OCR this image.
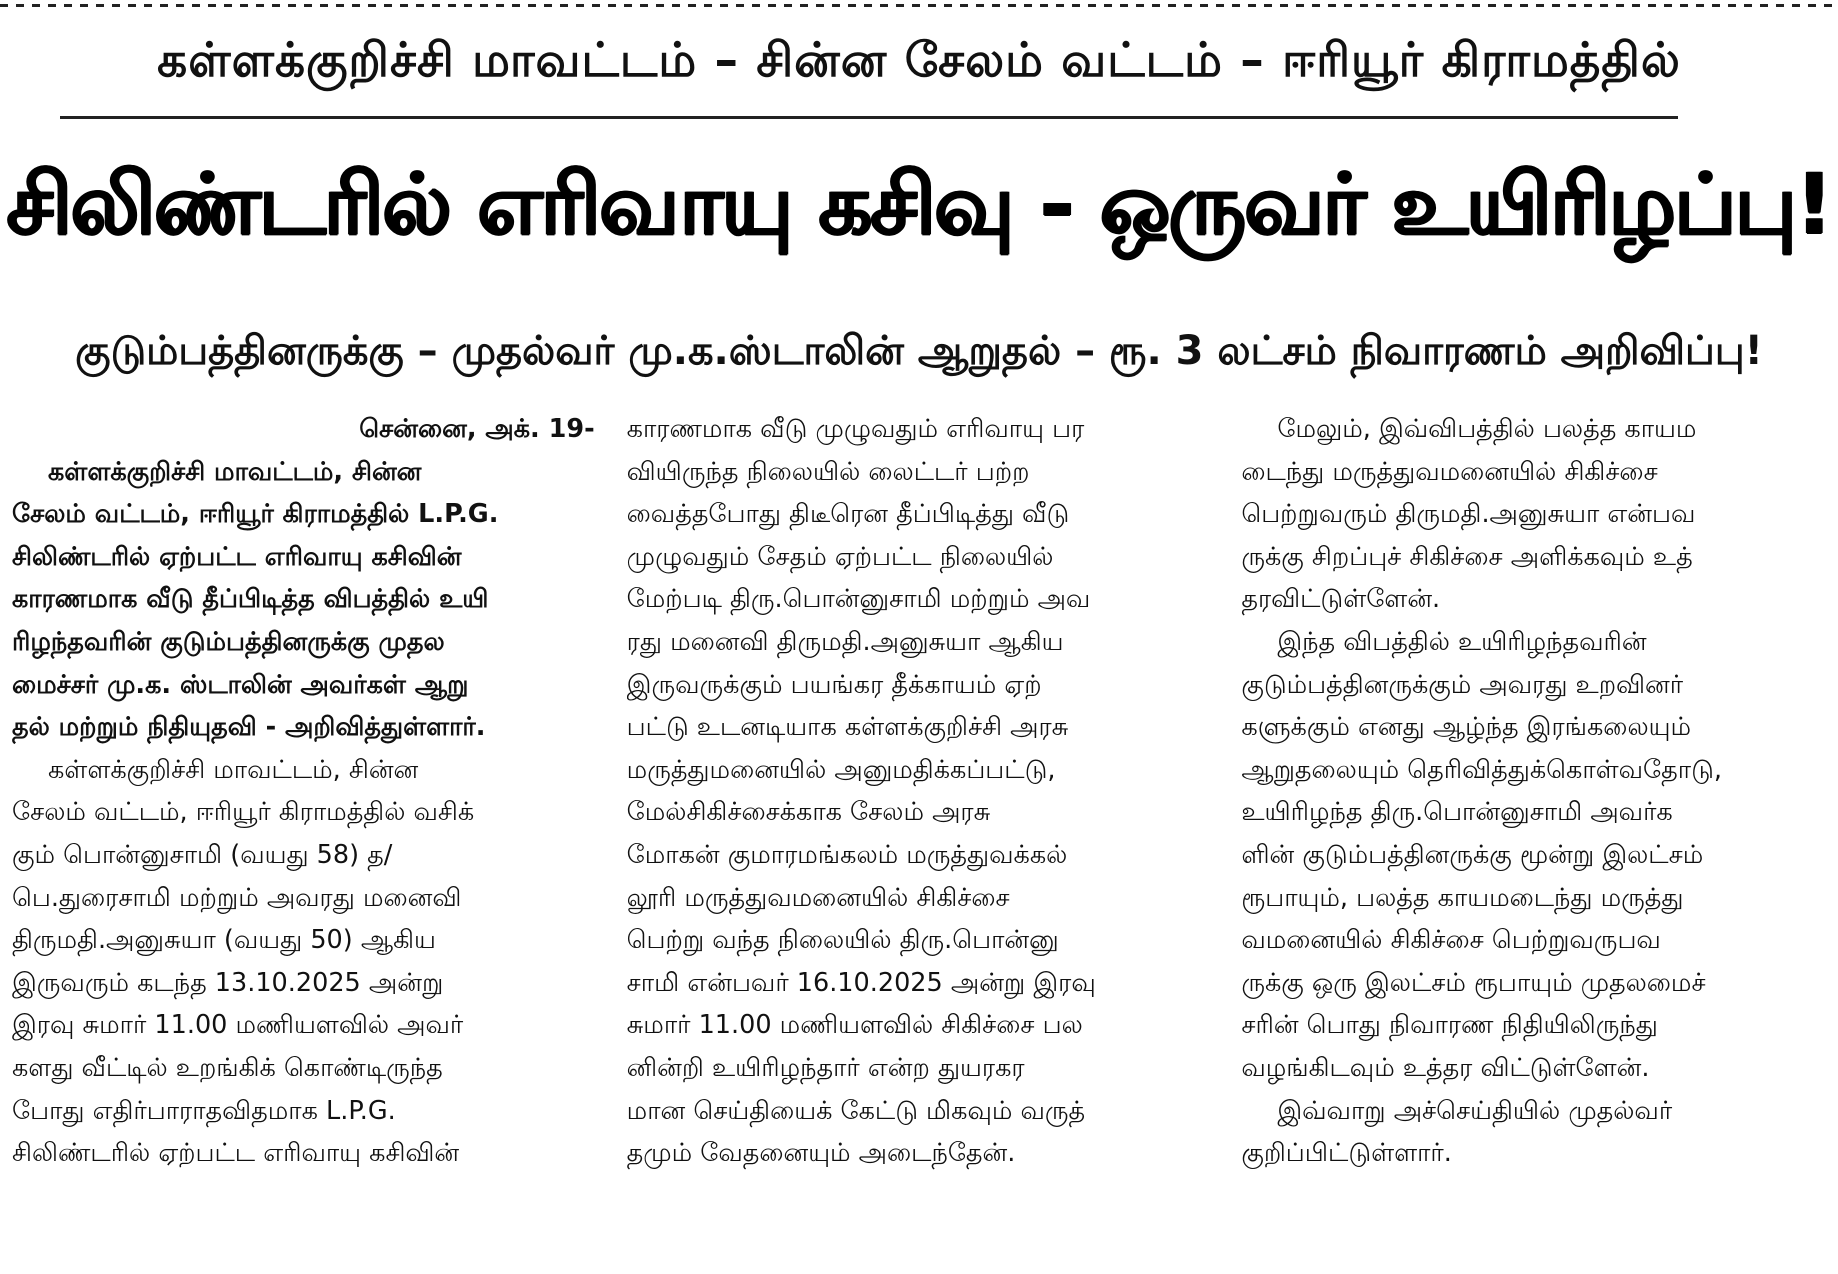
கள்ளக்குறிச்சி மாவட்டம் – சின்ன சேலம் வட்டம் – ஈரியூர் கிராமத்தில்
சிலிண்டரில் எரிவாயு கசிவு - ஒருவர் உயிரிழப்பு!
குடும்பத்தினருக்கு – முதல்வர் மு.க.ஸ்டாலின் ஆறுதல் – ரூ. 3 லட்சம் நிவாரணம் அறிவிப்பு!
சென்னை, அக். 19-
கள்ளக்குறிச்சி மாவட்டம், சின்ன
சேலம் வட்டம், ஈரியூர் கிராமத்தில் L.P.G.
சிலிண்டரில் ஏற்பட்ட எரிவாயு கசிவின்
காரணமாக வீடு தீப்பிடித்த விபத்தில் உயி
ரிழந்தவரின் குடும்பத்தினருக்கு முதல
மைச்சர் மு.க. ஸ்டாலின் அவர்கள் ஆறு
தல் மற்றும் நிதியுதவி - அறிவித்துள்ளார்.
கள்ளக்குறிச்சி மாவட்டம், சின்ன
சேலம் வட்டம், ஈரியூர் கிராமத்தில் வசிக்
கும் பொன்னுசாமி (வயது 58) த/
பெ.துரைசாமி மற்றும் அவரது மனைவி
திருமதி.அனுசுயா (வயது 50) ஆகிய
இருவரும் கடந்த 13.10.2025 அன்று
இரவு சுமார் 11.00 மணியளவில் அவர்
களது வீட்டில் உறங்கிக் கொண்டிருந்த
போது எதிர்பாராதவிதமாக L.P.G.
சிலிண்டரில் ஏற்பட்ட எரிவாயு கசிவின்
காரணமாக வீடு முழுவதும் எரிவாயு பர
வியிருந்த நிலையில் லைட்டர் பற்ற
வைத்தபோது திடீரென தீப்பிடித்து வீடு
முழுவதும் சேதம் ஏற்பட்ட நிலையில்
மேற்படி திரு.பொன்னுசாமி மற்றும் அவ
ரது மனைவி திருமதி.அனுசுயா ஆகிய
இருவருக்கும் பயங்கர தீக்காயம் ஏற்
பட்டு உடனடியாக கள்ளக்குறிச்சி அரசு
மருத்துமனையில் அனுமதிக்கப்பட்டு,
மேல்சிகிச்சைக்காக சேலம் அரசு
மோகன் குமாரமங்கலம் மருத்துவக்கல்
லூரி மருத்துவமனையில் சிகிச்சை
பெற்று வந்த நிலையில் திரு.பொன்னு
சாமி என்பவர் 16.10.2025 அன்று இரவு
சுமார் 11.00 மணியளவில் சிகிச்சை பல
னின்றி உயிரிழந்தார் என்ற துயரகர
மான செய்தியைக் கேட்டு மிகவும் வருத்
தமும் வேதனையும் அடைந்தேன்.
மேலும், இவ்விபத்தில் பலத்த காயம
டைந்து மருத்துவமனையில் சிகிச்சை
பெற்றுவரும் திருமதி.அனுசுயா என்பவ
ருக்கு சிறப்புச் சிகிச்சை அளிக்கவும் உத்
தரவிட்டுள்ளேன்.
இந்த விபத்தில் உயிரிழந்தவரின்
குடும்பத்தினருக்கும் அவரது உறவினர்
களுக்கும் எனது ஆழ்ந்த இரங்கலையும்
ஆறுதலையும் தெரிவித்துக்கொள்வதோடு,
உயிரிழந்த திரு.பொன்னுசாமி அவர்க
ளின் குடும்பத்தினருக்கு மூன்று இலட்சம்
ரூபாயும், பலத்த காயமடைந்து மருத்து
வமனையில் சிகிச்சை பெற்றுவருபவ
ருக்கு ஒரு இலட்சம் ரூபாயும் முதலமைச்
சரின் பொது நிவாரண நிதியிலிருந்து
வழங்கிடவும் உத்தர விட்டுள்ளேன்.
இவ்வாறு அச்செய்தியில் முதல்வர்
குறிப்பிட்டுள்ளார்.
